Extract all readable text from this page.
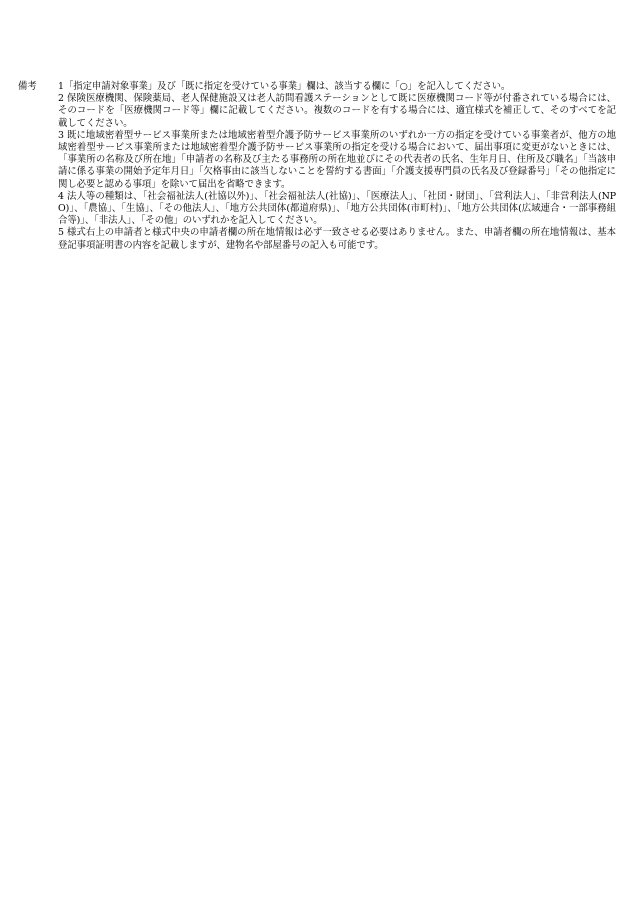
備考	1「指定申請対象事業」及び「既に指定を受けている事業」欄は、該当する欄に「○」を記入してください。

2 保険医療機関、保険薬局、老人保健施設又は老人訪問看護ステーションとして既に医療機関コード等が付番されている場合には、そのコードを「医療機関コード等」欄に記載してください。複数のコードを有する場合には、適宜様式を補正して、そのすべてを記載してください。

3 既に地域密着型サービス事業所または地域密着型介護予防サービス事業所のいずれか一方の指定を受けている事業者が、他方の地域密着型サービス事業所または地域密着型介護予防サービス事業所の指定を受ける場合において、届出事項に変更がないときには、「事業所の名称及び所在地」「申請者の名称及び主たる事務所の所在地並びにその代表者の氏名、生年月日、住所及び職名」「当該申請に係る事業の開始予定年月日」「欠格事由に該当しないことを誓約する書面」「介護支援専門員の氏名及び登録番号」「その他指定に関し必要と認める事項」を除いて届出を省略できます。

4 法人等の種類は、「社会福祉法人(社協以外)」、「社会福祉法人(社協)」、「医療法人」、「社団・財団」、「営利法人」、「非営利法人(NPO)」、「農協」、「生協」、「その他法人」、「地方公共団体(都道府県)」、「地方公共団体(市町村)」、「地方公共団体(広域連合・一部事務組合等)」、「非法人」、「その他」のいずれかを記入してください。

5 様式右上の申請者と様式中央の申請者欄の所在地情報は必ず一致させる必要はありません。また、申請者欄の所在地情報は、基本登記事項証明書の内容を記載しますが、建物名や部屋番号の記入も可能です。
